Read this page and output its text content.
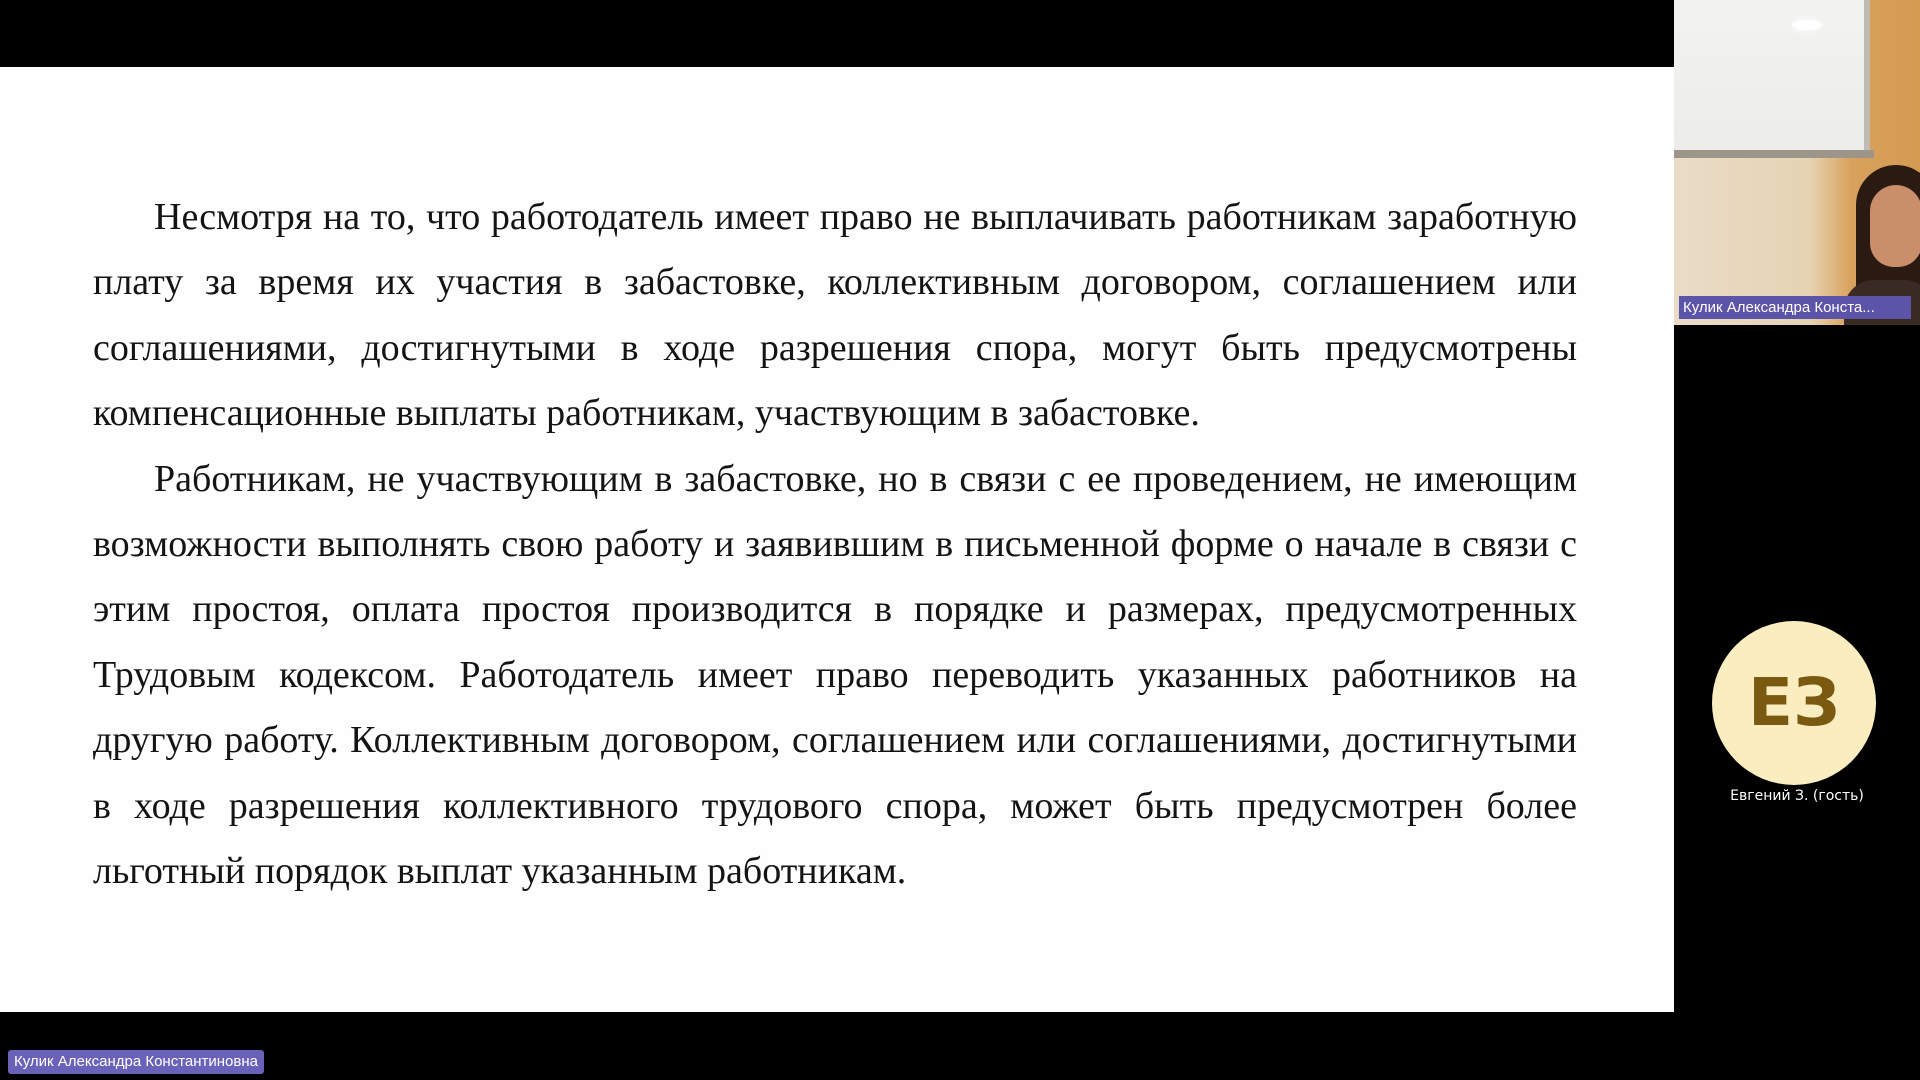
Несмотря на то, что работодатель имеет право не выплачивать работникам заработную плату за время их участия в забастовке, коллективным договором, соглашением или соглашениями, достигнутыми в ходе разрешения спора, могут быть предусмотрены компенсационные выплаты работникам, участвующим в забастовке.

Работникам, не участвующим в забастовке, но в связи с ее проведением, не имеющим возможности выполнять свою работу и заявившим в письменной форме о начале в связи с этим простоя, оплата простоя производится в порядке и размерах, предусмотренных Трудовым кодексом. Работодатель имеет право переводить указанных работников на другую работу. Коллективным договором, соглашением или соглашениями, достигнутыми в ходе разрешения коллективного трудового спора, может быть предусмотрен более льготный порядок выплат указанным работникам.

Кулик Александра Константиновна
Кулик Александра Конста...
ЕЗ
Евгений З. (гость)
